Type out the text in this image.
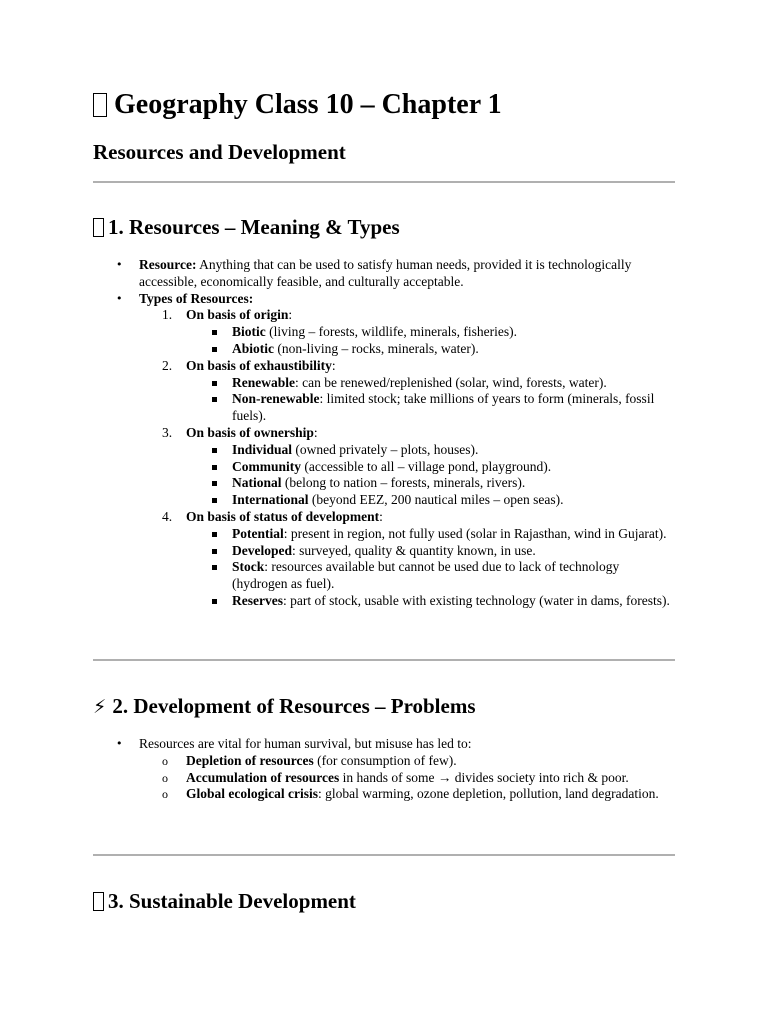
Geography Class 10 – Chapter 1
Resources and Development
1. Resources – Meaning & Types
• Resource: Anything that can be used to satisfy human needs, provided it is technologically accessible, economically feasible, and culturally acceptable.
• Types of Resources:
1. On basis of origin:
Biotic (living – forests, wildlife, minerals, fisheries).
Abiotic (non-living – rocks, minerals, water).
2. On basis of exhaustibility:
Renewable: can be renewed/replenished (solar, wind, forests, water).
Non-renewable: limited stock; take millions of years to form (minerals, fossil fuels).
3. On basis of ownership:
Individual (owned privately – plots, houses).
Community (accessible to all – village pond, playground).
National (belong to nation – forests, minerals, rivers).
International (beyond EEZ, 200 nautical miles – open seas).
4. On basis of status of development:
Potential: present in region, not fully used (solar in Rajasthan, wind in Gujarat).
Developed: surveyed, quality & quantity known, in use.
Stock: resources available but cannot be used due to lack of technology (hydrogen as fuel).
Reserves: part of stock, usable with existing technology (water in dams, forests).
⚡ 2. Development of Resources – Problems
• Resources are vital for human survival, but misuse has led to:
o Depletion of resources (for consumption of few).
o Accumulation of resources in hands of some → divides society into rich & poor.
o Global ecological crisis: global warming, ozone depletion, pollution, land degradation.
3. Sustainable Development
